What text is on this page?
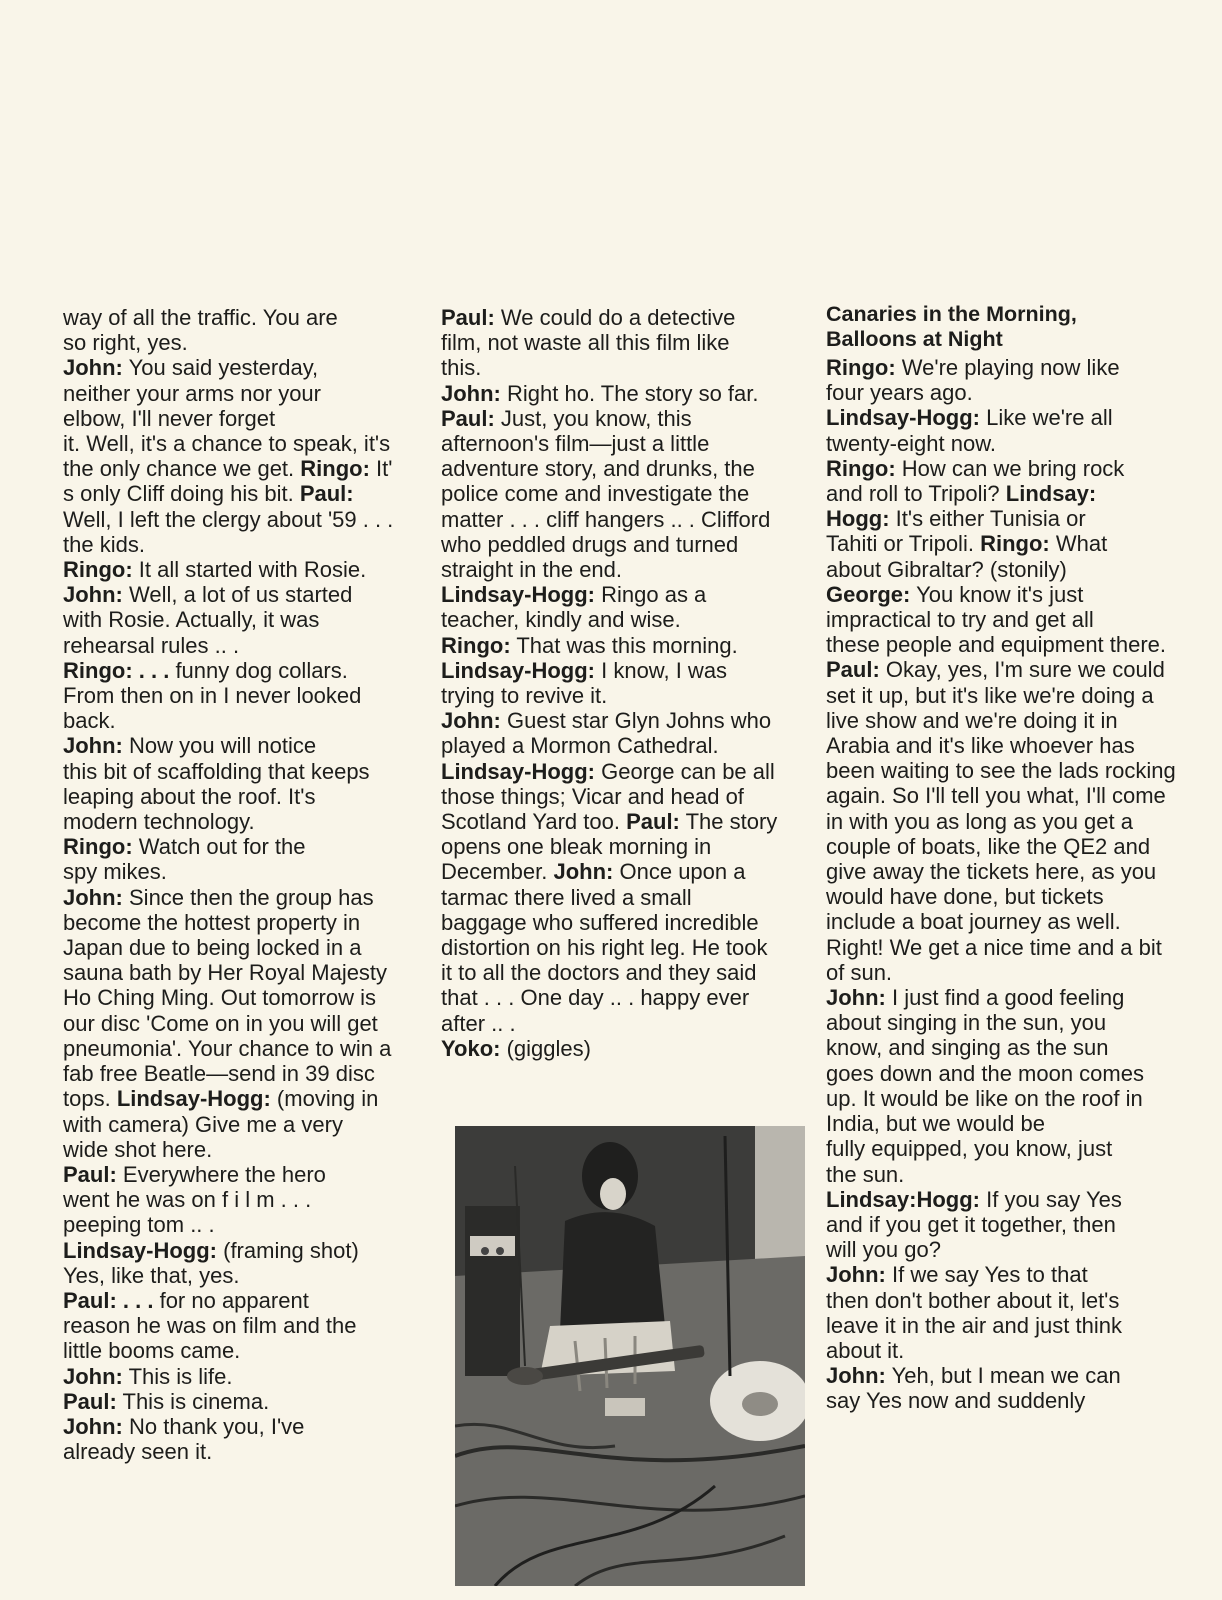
way of all the traffic. You are
so right, yes.
John: You said yesterday,
neither your arms nor your
elbow, I'll never forget
it. Well, it's a chance to speak, it's
the only chance we get. Ringo: It'
s only Cliff doing his bit. Paul:
Well, I left the clergy about '59 . . .
the kids.
Ringo: It all started with Rosie.
John: Well, a lot of us started
with Rosie. Actually, it was
rehearsal rules .. .
Ringo: . . . funny dog collars.
From then on in I never looked
back.
John: Now you will notice
this bit of scaffolding that keeps
leaping about the roof. It's
modern technology.
Ringo: Watch out for the
spy mikes.
John: Since then the group has
become the hottest property in
Japan due to being locked in a
sauna bath by Her Royal Majesty
Ho Ching Ming. Out tomorrow is
our disc 'Come on in you will get
pneumonia'. Your chance to win a
fab free Beatle—send in 39 disc
tops. Lindsay-Hogg: (moving in
with camera) Give me a very
wide shot here.
Paul: Everywhere the hero
went he was on f i l m . . .
peeping tom .. .
Lindsay-Hogg: (framing shot)
Yes, like that, yes.
Paul: . . . for no apparent
reason he was on film and the
little booms came.
John: This is life.
Paul: This is cinema.
John: No thank you, I've
already seen it.
Paul: We could do a detective
film, not waste all this film like
this.
John: Right ho. The story so far.
Paul: Just, you know, this
afternoon's film—just a little
adventure story, and drunks, the
police come and investigate the
matter . . . cliff hangers .. . Clifford
who peddled drugs and turned
straight in the end.
Lindsay-Hogg: Ringo as a
teacher, kindly and wise.
Ringo: That was this morning.
Lindsay-Hogg: I know, I was
trying to revive it.
John: Guest star Glyn Johns who
played a Mormon Cathedral.
Lindsay-Hogg: George can be all
those things; Vicar and head of
Scotland Yard too. Paul: The story
opens one bleak morning in
December. John: Once upon a
tarmac there lived a small
baggage who suffered incredible
distortion on his right leg. He took
it to all the doctors and they said
that . . . One day .. . happy ever
after .. .
Yoko: (giggles)
Canaries in the Morning,
Balloons at Night
Ringo: We're playing now like
four years ago.
Lindsay-Hogg: Like we're all
twenty-eight now.
Ringo: How can we bring rock
and roll to Tripoli? Lindsay:
Hogg: It's either Tunisia or
Tahiti or Tripoli. Ringo: What
about Gibraltar? (stonily)
George: You know it's just
impractical to try and get all
these people and equipment there.
Paul: Okay, yes, I'm sure we could
set it up, but it's like we're doing a
live show and we're doing it in
Arabia and it's like whoever has
been waiting to see the lads rocking
again. So I'll tell you what, I'll come
in with you as long as you get a
couple of boats, like the QE2 and
give away the tickets here, as you
would have done, but tickets
include a boat journey as well.
Right! We get a nice time and a bit
of sun.
John: I just find a good feeling
about singing in the sun, you
know, and singing as the sun
goes down and the moon comes
up. It would be like on the roof in
India, but we would be
fully equipped, you know, just
the sun.
Lindsay:Hogg: If you say Yes
and if you get it together, then
will you go?
John: If we say Yes to that
then don't bother about it, let's
leave it in the air and just think
about it.
John: Yeh, but I mean we can
say Yes now and suddenly
